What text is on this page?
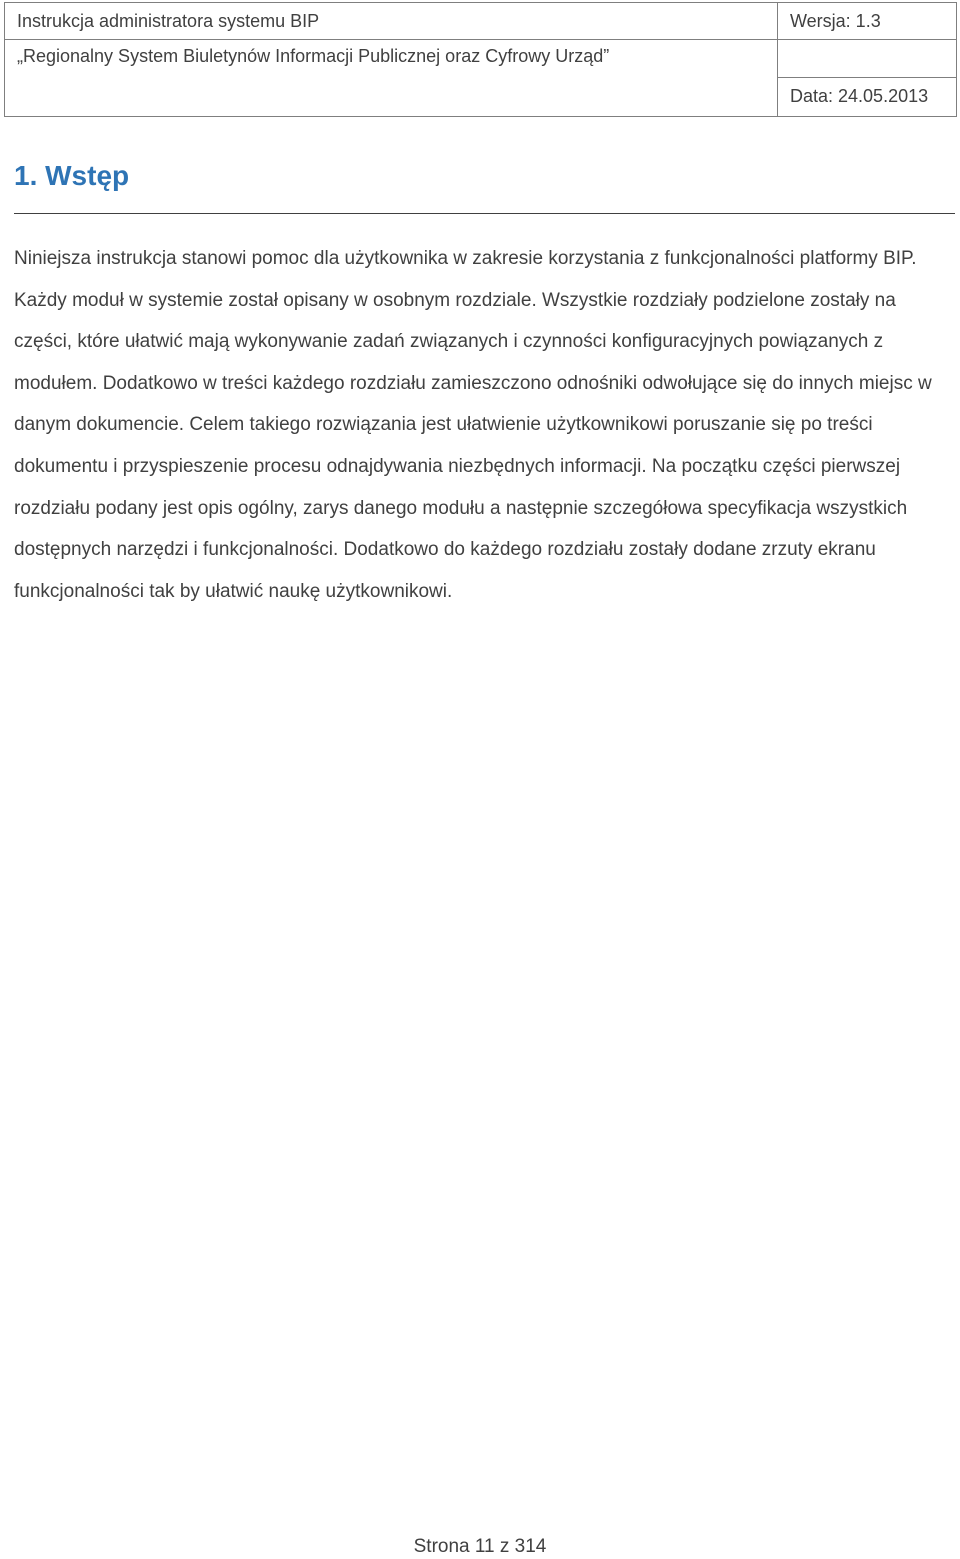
Instrukcja administratora systemu BIP	Wersja: 1.3
„Regionalny System Biuletynów Informacji Publicznej oraz Cyfrowy Urząd”	
	Data: 24.05.2013
1. Wstęp

Niniejsza instrukcja stanowi pomoc dla użytkownika w zakresie korzystania z funkcjonalności platformy BIP. Każdy moduł w systemie został opisany w osobnym rozdziale. Wszystkie rozdziały podzielone zostały na części, które ułatwić mają wykonywanie zadań związanych i czynności konfiguracyjnych powiązanych z modułem. Dodatkowo w treści każdego rozdziału zamieszczono odnośniki odwołujące się do innych miejsc w danym dokumencie. Celem takiego rozwiązania jest ułatwienie użytkownikowi poruszanie się po treści dokumentu i przyspieszenie procesu odnajdywania niezbędnych informacji. Na początku części pierwszej rozdziału podany jest opis ogólny, zarys danego modułu a następnie szczegółowa specyfikacja wszystkich dostępnych narzędzi i funkcjonalności. Dodatkowo do każdego rozdziału zostały dodane zrzuty ekranu funkcjonalności tak by ułatwić naukę użytkownikowi.

Strona 11 z 314
